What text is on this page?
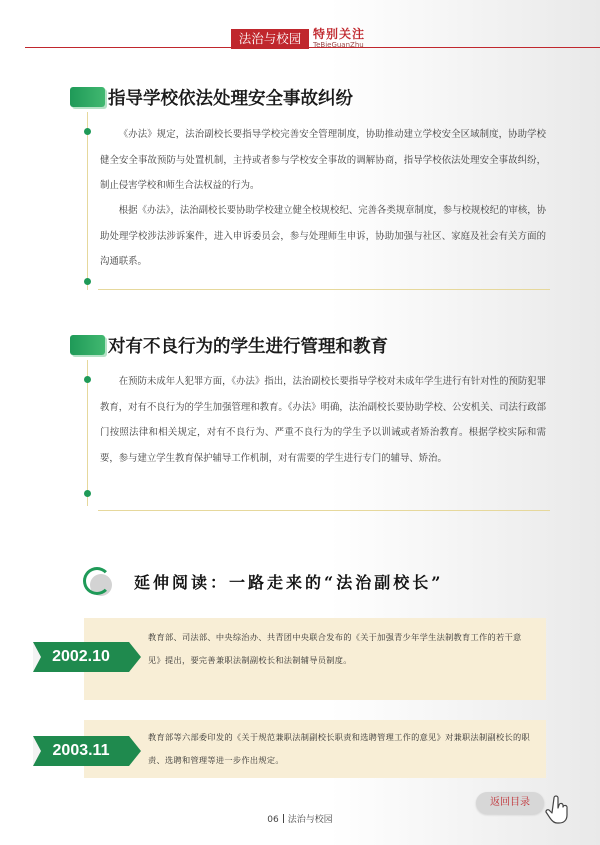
法治与校园 特别关注
TeBieGuanZhu
指导学校依法处理安全事故纠纷
《办法》规定，法治副校长要指导学校完善安全管理制度，协助推动建立学校安全区域制度，协助学校健全安全事故预防与处置机制，主持或者参与学校安全事故的调解协商，指导学校依法处理安全事故纠纷，制止侵害学校和师生合法权益的行为。
根据《办法》，法治副校长要协助学校建立健全校规校纪、完善各类规章制度，参与校规校纪的审核，协助处理学校涉法涉诉案件，进入申诉委员会，参与处理师生申诉，协助加强与社区、家庭及社会有关方面的沟通联系。
对有不良行为的学生进行管理和教育
在预防未成年人犯罪方面，《办法》指出，法治副校长要指导学校对未成年学生进行有针对性的预防犯罪教育，对有不良行为的学生加强管理和教育。《办法》明确，法治副校长要协助学校、公安机关、司法行政部门按照法律和相关规定，对有不良行为、严重不良行为的学生予以训诫或者矫治教育。根据学校实际和需要，参与建立学生教育保护辅导工作机制，对有需要的学生进行专门的辅导、矫治。
延伸阅读：一路走来的“法治副校长”
教育部、司法部、中央综治办、共青团中央联合发布的《关于加强青少年学生法制教育工作的若干意见》提出，要完善兼职法制副校长和法制辅导员制度。
2002.10
教育部等六部委印发的《关于规范兼职法制副校长职责和选聘管理工作的意见》对兼职法制副校长的职责、选聘和管理等进一步作出规定。
2003.11
返回目录
06 法治与校园
